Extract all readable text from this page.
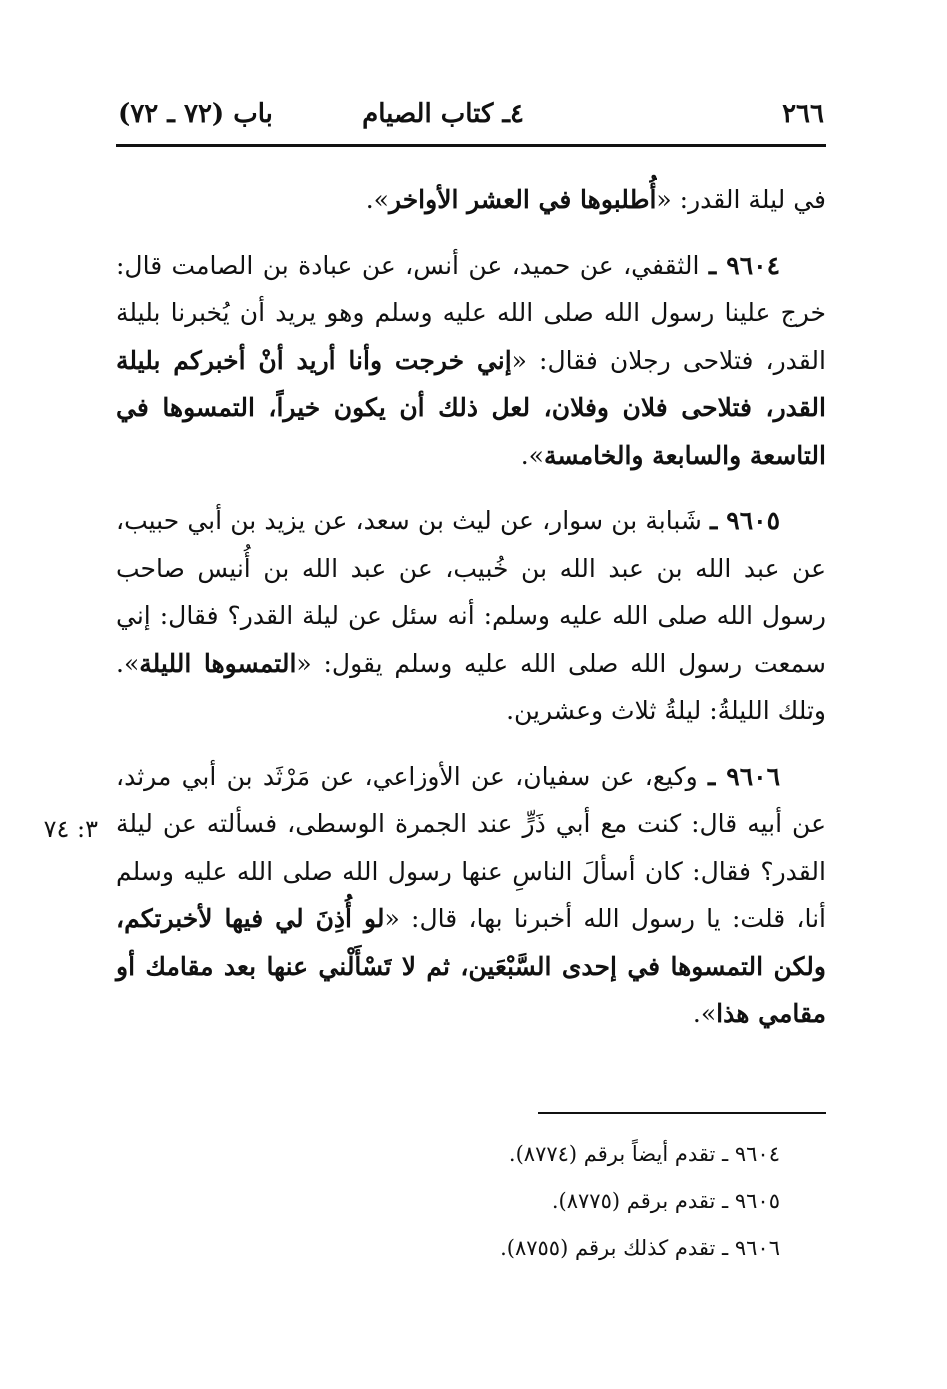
٢٦٦
٤ـ كتاب الصيام
باب (٧٢ ـ ٧٢)
٣: ٧٤

في ليلة القدر: «أُطلبوها في العشر الأواخر».

٩٦٠٤ ـ الثقفي، عن حميد، عن أنس، عن عبادة بن الصامت قال: خرج علينا رسول الله صلى الله عليه وسلم وهو يريد أن يُخبرنا بليلة القدر، فتلاحى رجلان فقال: «إني خرجت وأنا أريد أنْ أخبركم بليلة القدر، فتلاحى فلان وفلان، لعل ذلك أن يكون خيراً، التمسوها في التاسعة والسابعة والخامسة».

٩٦٠٥ ـ شَبابة بن سوار، عن ليث بن سعد، عن يزيد بن أبي حبيب، عن عبد الله بن عبد الله بن خُبيب، عن عبد الله بن أُنيس صاحب رسول الله صلى الله عليه وسلم: أنه سئل عن ليلة القدر؟ فقال: إني سمعت رسول الله صلى الله عليه وسلم يقول: «التمسوها الليلة». وتلك الليلةُ: ليلةُ ثلاث وعشرين.

٩٦٠٦ ـ وكيع، عن سفيان، عن الأوزاعي، عن مَرْثَد بن أبي مرثد، عن أبيه قال: كنت مع أبي ذَرٍّ عند الجمرة الوسطى، فسألته عن ليلة القدر؟ فقال: كان أسألَ الناسِ عنها رسول الله صلى الله عليه وسلم أنا، قلت: يا رسول الله أخبرنا بها، قال: «لو أُذِنَ لي فيها لأخبرتكم، ولكن التمسوها في إحدى السَّبْعَين، ثم لا تَسْأَلْني عنها بعد مقامك أو مقامي هذا».

٩٦٠٤ ـ تقدم أيضاً برقم (٨٧٧٤).
٩٦٠٥ ـ تقدم برقم (٨٧٧٥).
٩٦٠٦ ـ تقدم كذلك برقم (٨٧٥٥).
